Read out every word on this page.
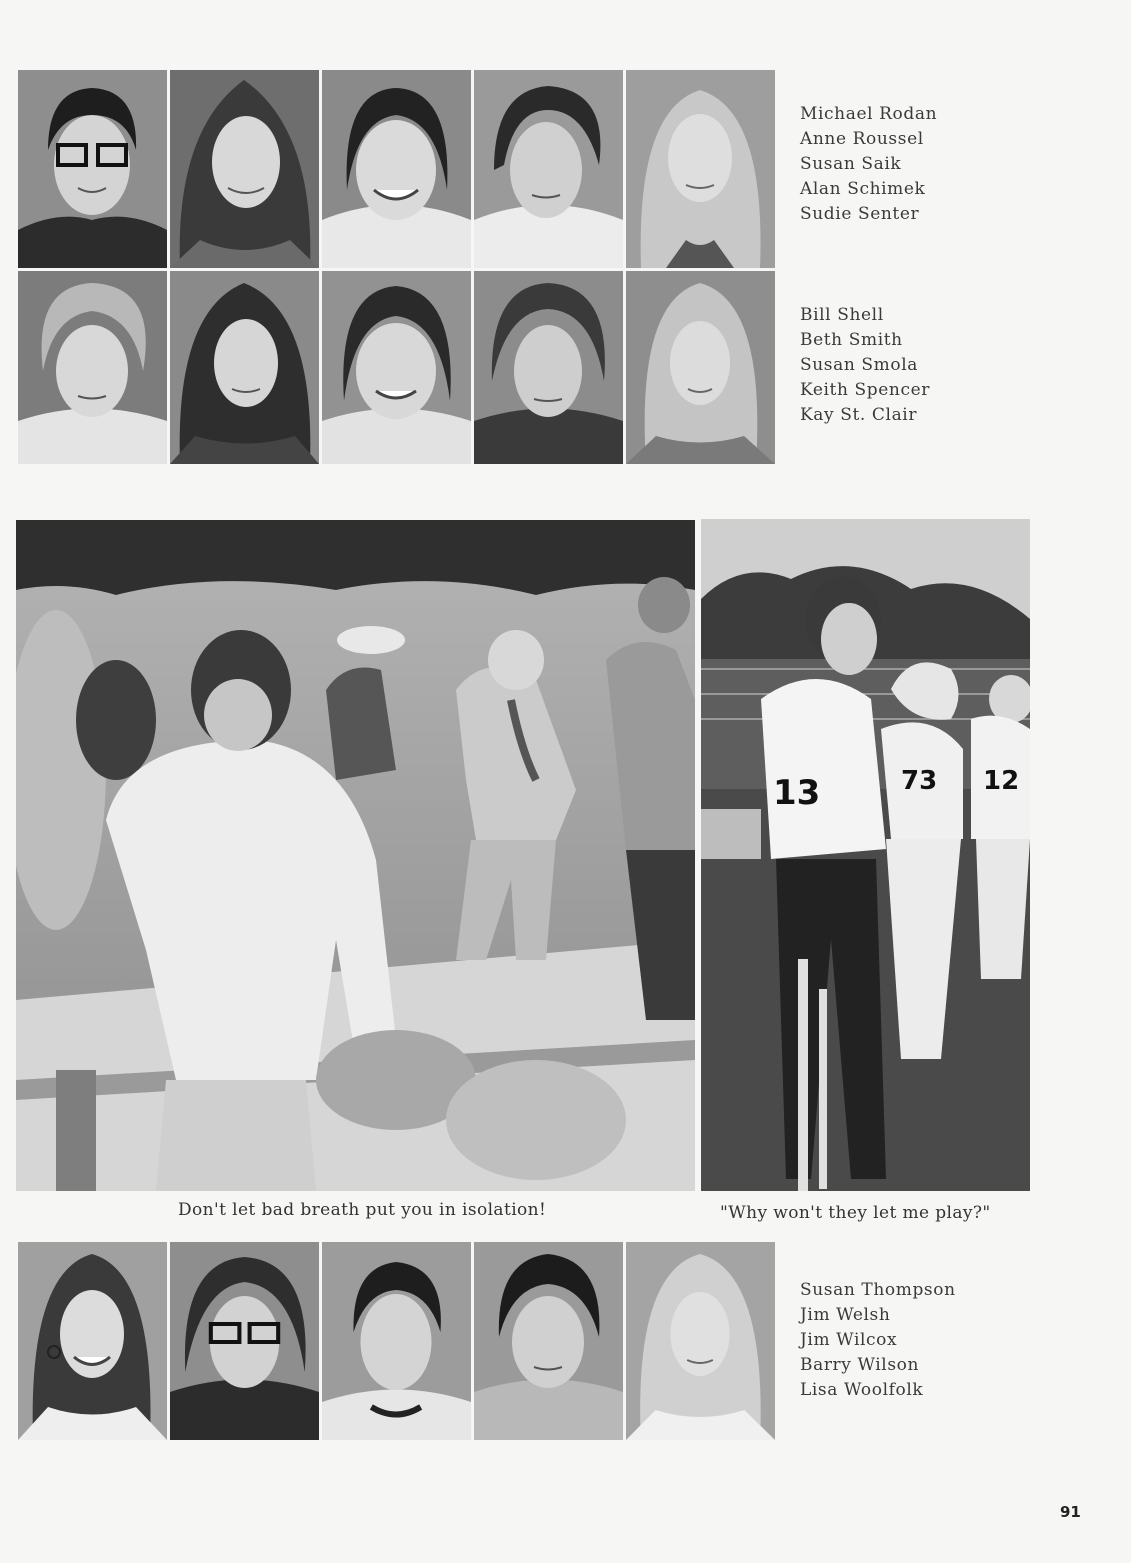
Michael Rodan
Anne Roussel
Susan Saik
Alan Schimek
Sudie Senter
Bill Shell
Beth Smith
Susan Smola
Keith Spencer
Kay St. Clair
13	73 12
Don't let bad breath put you in isolation!	"Why won't they let me play?"
Susan Thompson
Jim Welsh
Jim Wilcox
Barry Wilson
Lisa Woolfolk
91
